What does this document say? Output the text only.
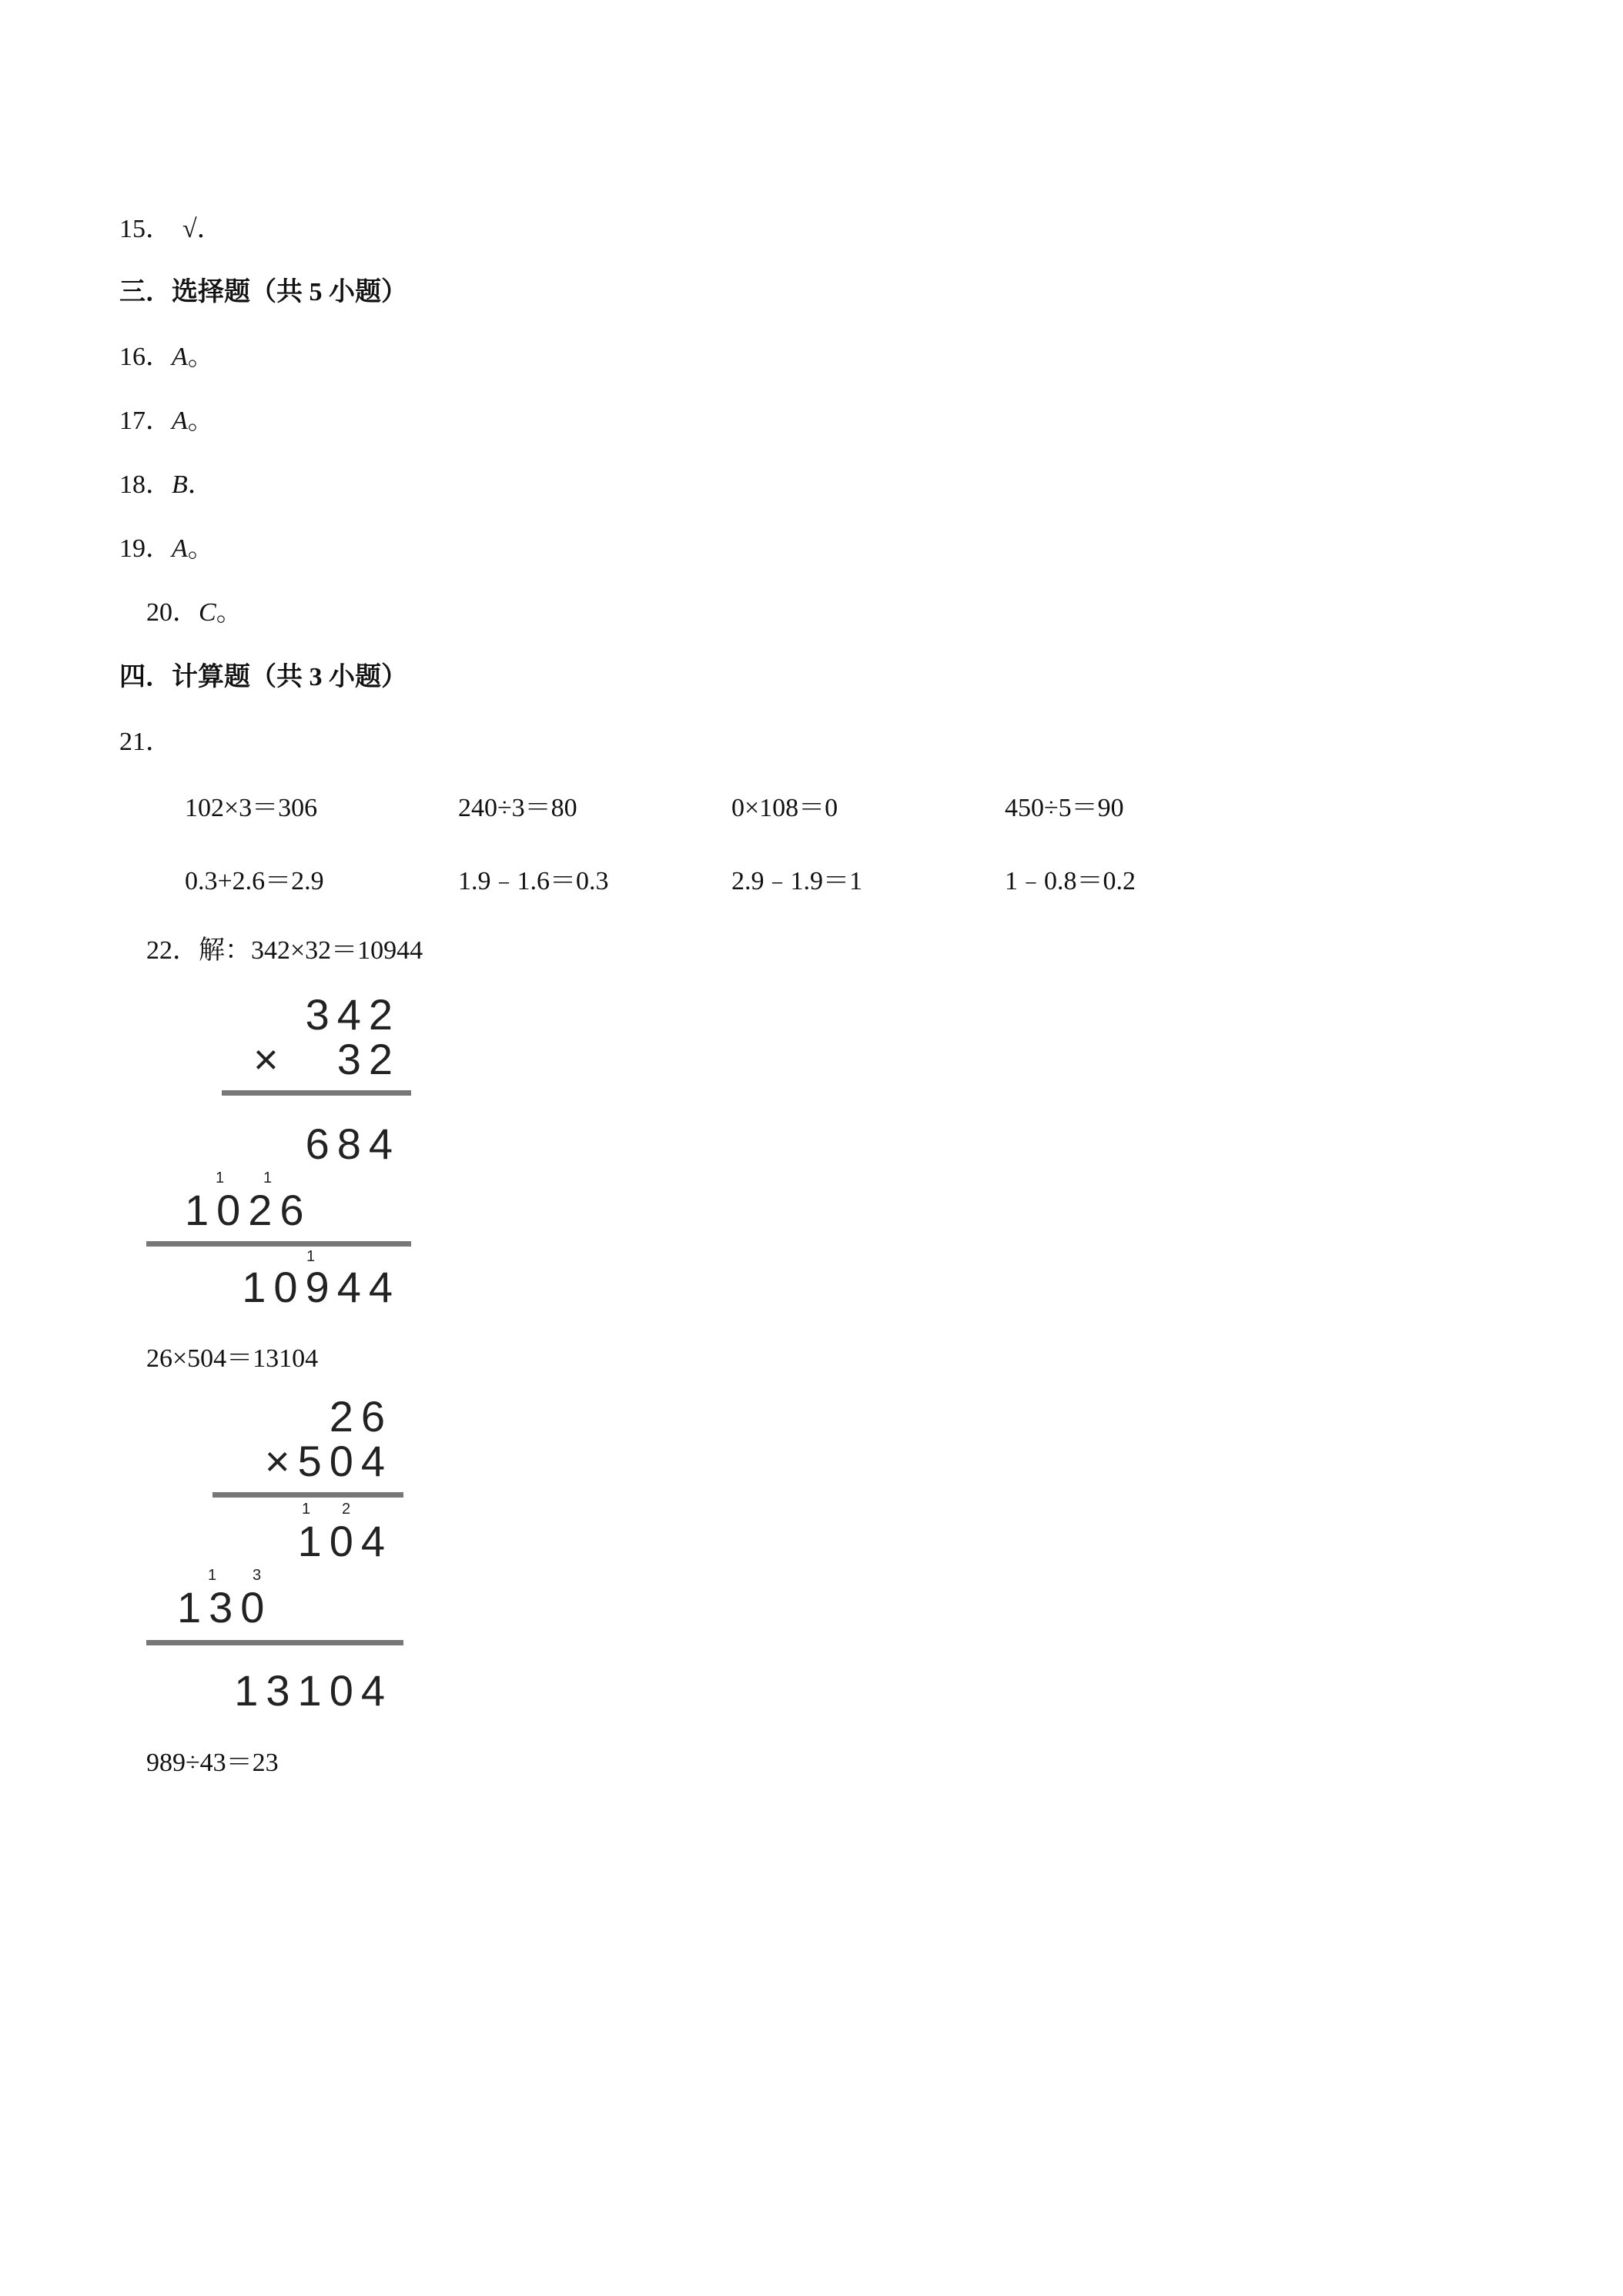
15． √．
三．选择题（共 5 小题）
16．A。
17．A。
18．B．
19．A。
20．C。
四．计算题（共 3 小题）
21．
102×3＝306	240÷3＝80	0×108＝0	450÷5＝90
0.3+2.6＝2.9	1.9﹣1.6＝0.3	2.9﹣1.9＝1	1﹣0.8＝0.2
22．解：342×32＝10944
342
×　32
684
1	1
1026
1
10944
26×504＝13104
26
×504
1 2
104
1 3
130
13104
989÷43＝23
